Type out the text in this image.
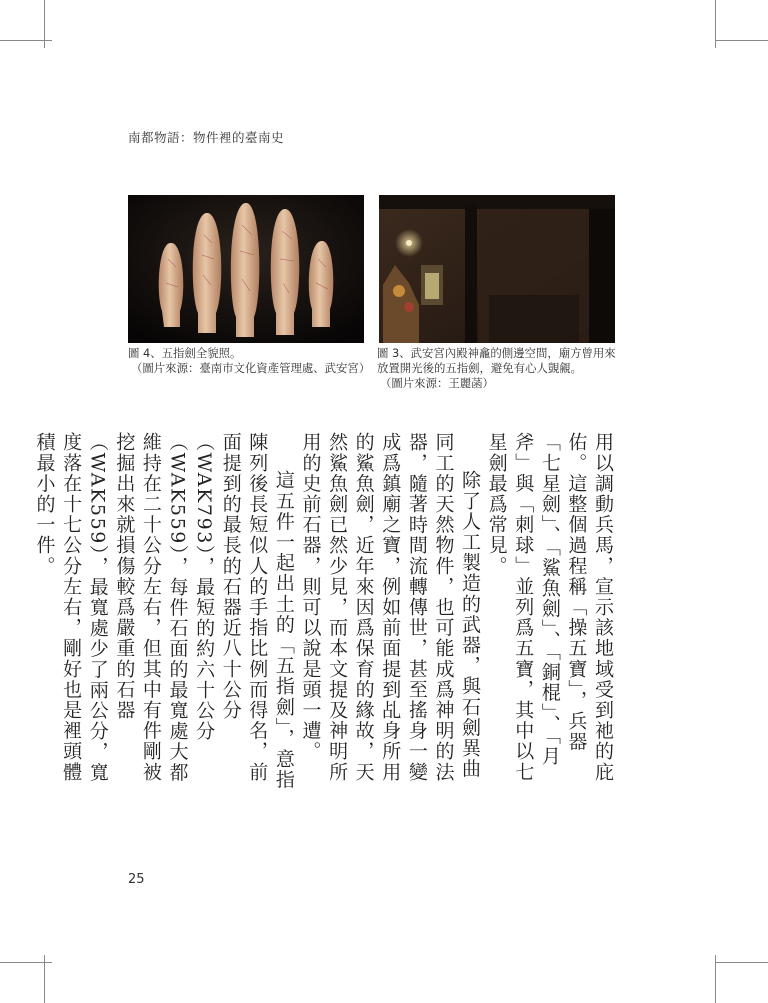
南都物語：物件裡的臺南史
圖 4、五指劍全貌照。
（圖片來源：臺南市文化資產管理處、武安宮）
圖 3、武安宮內殿神龕的側邊空間，廟方曾用來放置開光後的五指劍，避免有心人覬覦。
（圖片來源：王麗菡）

用以調動兵馬，宣示該地域受到祂的庇佑。這整個過程稱「操五寶」，兵器「七星劍」、「鯊魚劍」、「銅棍」、「月斧」與「刺球」並列爲五寶，其中以七星劍最爲常見。

除了人工製造的武器，與石劍異曲同工的天然物件，也可能成爲神明的法器，隨著時間流轉傳世，甚至搖身一變成爲鎮廟之寶，例如前面提到乩身所用的鯊魚劍，近年來因爲保育的緣故，天然鯊魚劍已然少見，而本文提及神明所用的史前石器，則可以說是頭一遭。

這五件一起出土的「五指劍」，意指陳列後長短似人的手指比例而得名，前面提到的最長的石器近八十公分（WAK793），最短的約六十公分（WAK559），每件石面的最寬處大都維持在二十公分左右，但其中有件剛被挖掘出來就損傷較爲嚴重的石器（WAK559），最寬處少了兩公分，寬度落在十七公分左右，剛好也是裡頭體積最小的一件。

25
